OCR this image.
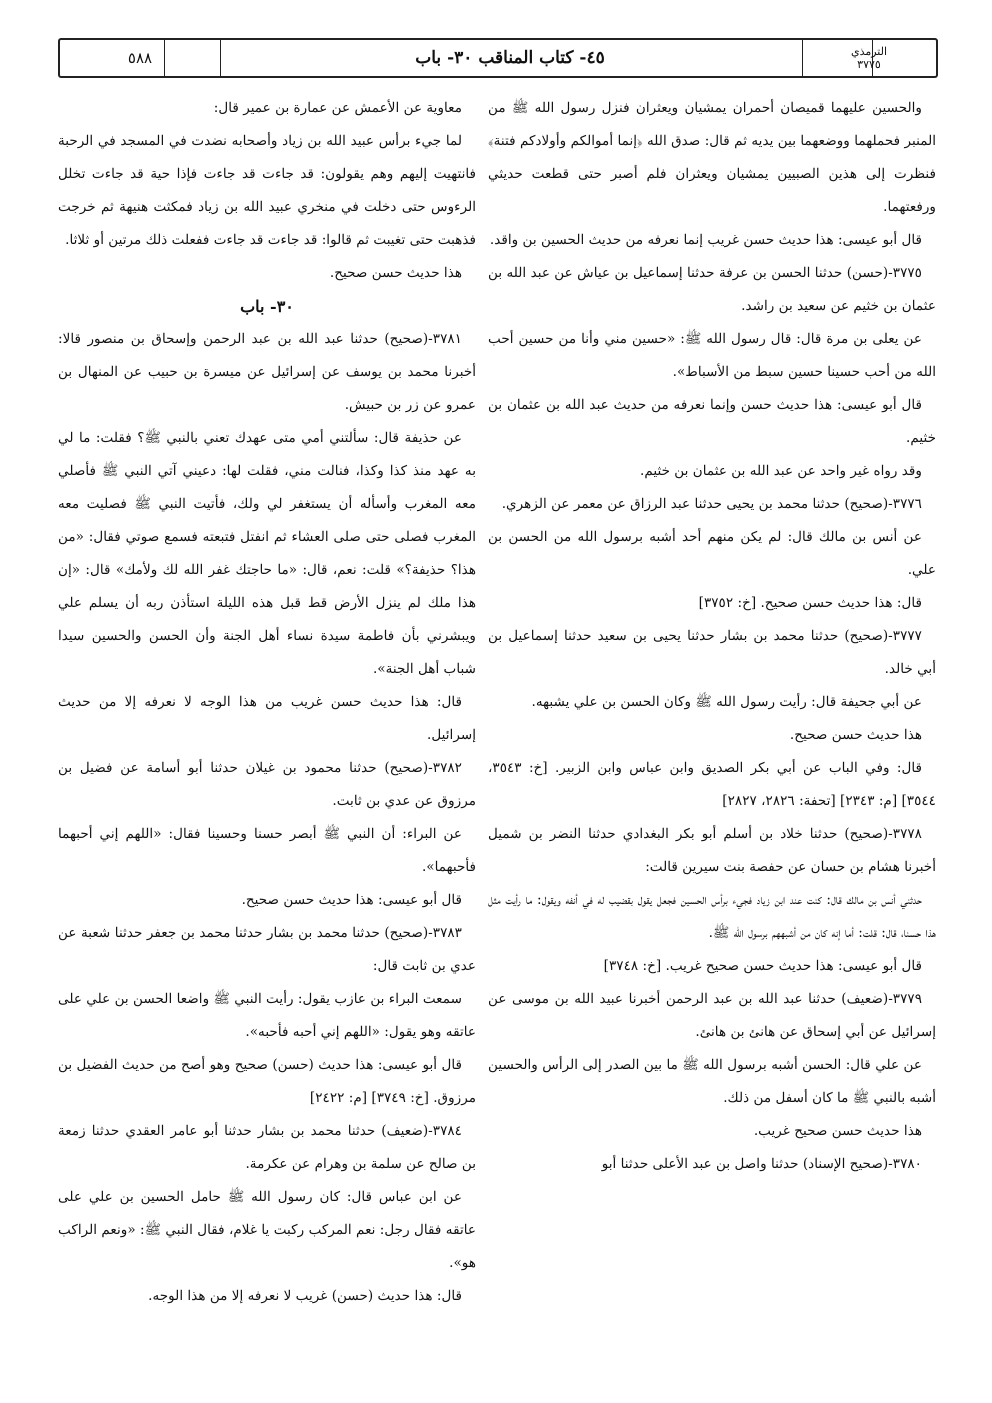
٥٨٨	٤٥- كتاب المناقب ٣٠- باب	الترمذي
٣٧٧٥

والحسين عليهما قميصان أحمران يمشيان ويعثران فنزل رسول الله ﷺ من المنبر فحملهما ووضعهما بين يديه ثم قال: صدق الله ﴿إنما أموالكم وأولادكم فتنة﴾ فنظرت إلى هذين الصبيين يمشيان ويعثران فلم أصبر حتى قطعت حديثي ورفعتهما.

قال أبو عيسى: هذا حديث حسن غريب إنما نعرفه من حديث الحسين بن واقد.

٣٧٧٥-(حسن) حدثنا الحسن بن عرفة حدثنا إسماعيل بن عياش عن عبد الله بن عثمان بن خثيم عن سعيد بن راشد.

عن يعلى بن مرة قال: قال رسول الله ﷺ: «حسين مني وأنا من حسين أحب الله من أحب حسينا حسين سبط من الأسباط».

قال أبو عيسى: هذا حديث حسن وإنما نعرفه من حديث عبد الله بن عثمان بن خثيم.

وقد رواه غير واحد عن عبد الله بن عثمان بن خثيم.

٣٧٧٦-(صحيح) حدثنا محمد بن يحيى حدثنا عبد الرزاق عن معمر عن الزهري.

عن أنس بن مالك قال: لم يكن منهم أحد أشبه برسول الله من الحسن بن علي.

قال: هذا حديث حسن صحيح. [خ: ٣٧٥٢]

٣٧٧٧-(صحيح) حدثنا محمد بن بشار حدثنا يحيى بن سعيد حدثنا إسماعيل بن أبي خالد.

عن أبي جحيفة قال: رأيت رسول الله ﷺ وكان الحسن بن علي يشبهه.

هذا حديث حسن صحيح.

قال: وفي الباب عن أبي بكر الصديق وابن عباس وابن الزبير. [خ: ٣٥٤٣، ٣٥٤٤] [م: ٢٣٤٣] [تحفة: ٢٨٢٦، ٢٨٢٧]

٣٧٧٨-(صحيح) حدثنا خلاد بن أسلم أبو بكر البغدادي حدثنا النضر بن شميل أخبرنا هشام بن حسان عن حفصة بنت سيرين قالت:

حدثني أنس بن مالك قال: كنت عند ابن زياد فجيء برأس الحسين فجعل يقول بقضيب له في أنفه ويقول: ما رأيت مثل هذا حسنا، قال: قلت: أما إنه كان من أشبههم برسول الله ﷺ.

قال أبو عيسى: هذا حديث حسن صحيح غريب. [خ: ٣٧٤٨]

٣٧٧٩-(ضعيف) حدثنا عبد الله بن عبد الرحمن أخبرنا عبيد الله بن موسى عن إسرائيل عن أبي إسحاق عن هانئ بن هانئ.

عن علي قال: الحسن أشبه برسول الله ﷺ ما بين الصدر إلى الرأس والحسين أشبه بالنبي ﷺ ما كان أسفل من ذلك.

هذا حديث حسن صحيح غريب.

٣٧٨٠-(صحيح الإسناد) حدثنا واصل بن عبد الأعلى حدثنا أبو

معاوية عن الأعمش عن عمارة بن عمير قال:

لما جيء برأس عبيد الله بن زياد وأصحابه نضدت في المسجد في الرحبة فانتهيت إليهم وهم يقولون: قد جاءت قد جاءت فإذا حية قد جاءت تخلل الرءوس حتى دخلت في منخري عبيد الله بن زياد فمكثت هنيهة ثم خرجت فذهبت حتى تغيبت ثم قالوا: قد جاءت قد جاءت ففعلت ذلك مرتين أو ثلاثا.

هذا حديث حسن صحيح.

٣٠- باب

٣٧٨١-(صحيح) حدثنا عبد الله بن عبد الرحمن وإسحاق بن منصور قالا: أخبرنا محمد بن يوسف عن إسرائيل عن ميسرة بن حبيب عن المنهال بن عمرو عن زر بن حبيش.

عن حذيفة قال: سألتني أمي متى عهدك تعني بالنبي ﷺ؟ فقلت: ما لي به عهد منذ كذا وكذا، فنالت مني، فقلت لها: دعيني آتي النبي ﷺ فأصلي معه المغرب وأسأله أن يستغفر لي ولك، فأتيت النبي ﷺ فصليت معه المغرب فصلى حتى صلى العشاء ثم انفتل فتبعته فسمع صوتي فقال: «من هذا؟ حذيفة؟» قلت: نعم، قال: «ما حاجتك غفر الله لك ولأمك» قال: «إن هذا ملك لم ينزل الأرض قط قبل هذه الليلة استأذن ربه أن يسلم علي ويبشرني بأن فاطمة سيدة نساء أهل الجنة وأن الحسن والحسين سيدا شباب أهل الجنة».

قال: هذا حديث حسن غريب من هذا الوجه لا نعرفه إلا من حديث إسرائيل.

٣٧٨٢-(صحيح) حدثنا محمود بن غيلان حدثنا أبو أسامة عن فضيل بن مرزوق عن عدي بن ثابت.

عن البراء: أن النبي ﷺ أبصر حسنا وحسينا فقال: «اللهم إني أحبهما فأحبهما».

قال أبو عيسى: هذا حديث حسن صحيح.

٣٧٨٣-(صحيح) حدثنا محمد بن بشار حدثنا محمد بن جعفر حدثنا شعبة عن عدي بن ثابت قال:

سمعت البراء بن عازب يقول: رأيت النبي ﷺ واضعا الحسن بن علي على عاتقه وهو يقول: «اللهم إني أحبه فأحبه».

قال أبو عيسى: هذا حديث (حسن) صحيح وهو أصح من حديث الفضيل بن مرزوق. [خ: ٣٧٤٩] [م: ٢٤٢٢]

٣٧٨٤-(ضعيف) حدثنا محمد بن بشار حدثنا أبو عامر العقدي حدثنا زمعة بن صالح عن سلمة بن وهرام عن عكرمة.

عن ابن عباس قال: كان رسول الله ﷺ حامل الحسين بن علي على عاتقه فقال رجل: نعم المركب ركبت يا غلام، فقال النبي ﷺ: «ونعم الراكب هو».

قال: هذا حديث (حسن) غريب لا نعرفه إلا من هذا الوجه.
